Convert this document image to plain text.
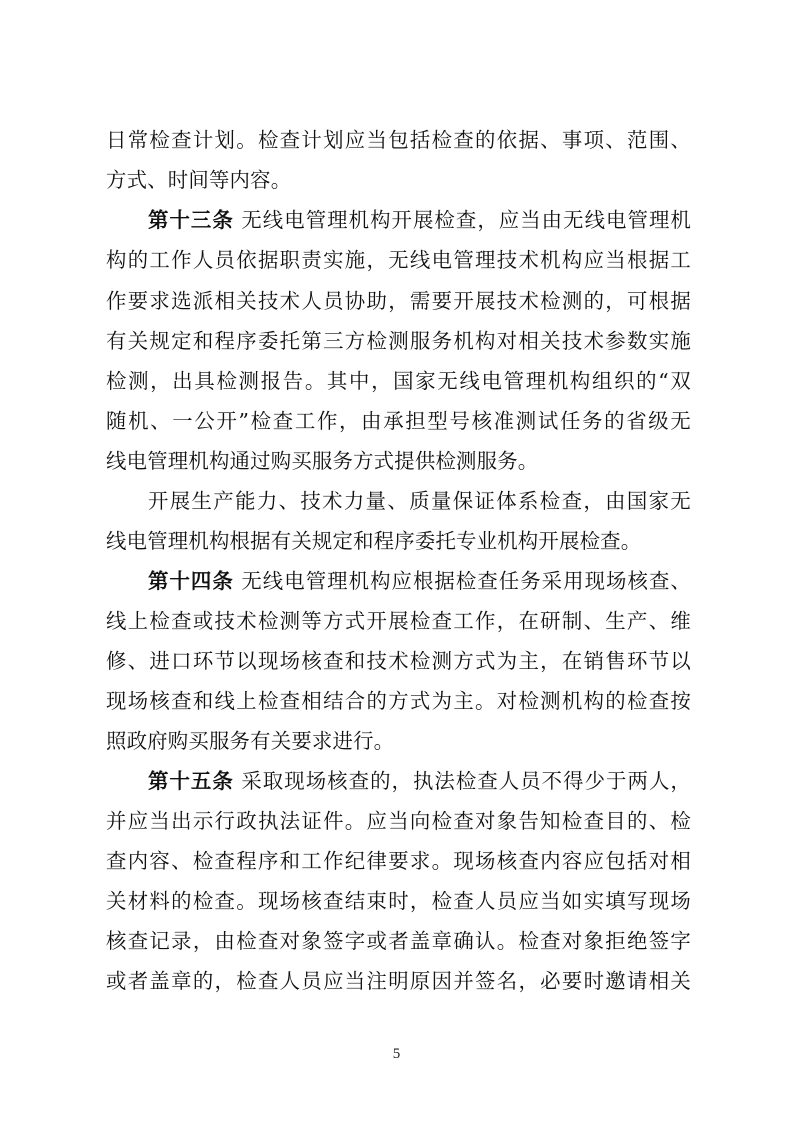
日常检查计划。检查计划应当包括检查的依据、事项、范围、
方式、时间等内容。
第十三条 无线电管理机构开展检查，应当由无线电管理机
构的工作人员依据职责实施，无线电管理技术机构应当根据工
作要求选派相关技术人员协助，需要开展技术检测的，可根据
有关规定和程序委托第三方检测服务机构对相关技术参数实施
检测，出具检测报告。其中，国家无线电管理机构组织的“双
随机、一公开”检查工作，由承担型号核准测试任务的省级无
线电管理机构通过购买服务方式提供检测服务。
开展生产能力、技术力量、质量保证体系检查，由国家无
线电管理机构根据有关规定和程序委托专业机构开展检查。
第十四条 无线电管理机构应根据检查任务采用现场核查、
线上检查或技术检测等方式开展检查工作，在研制、生产、维
修、进口环节以现场核查和技术检测方式为主，在销售环节以
现场核查和线上检查相结合的方式为主。对检测机构的检查按
照政府购买服务有关要求进行。
第十五条 采取现场核查的，执法检查人员不得少于两人，
并应当出示行政执法证件。应当向检查对象告知检查目的、检
查内容、检查程序和工作纪律要求。现场核查内容应包括对相
关材料的检查。现场核查结束时，检查人员应当如实填写现场
核查记录，由检查对象签字或者盖章确认。检查对象拒绝签字
或者盖章的，检查人员应当注明原因并签名，必要时邀请相关
5
